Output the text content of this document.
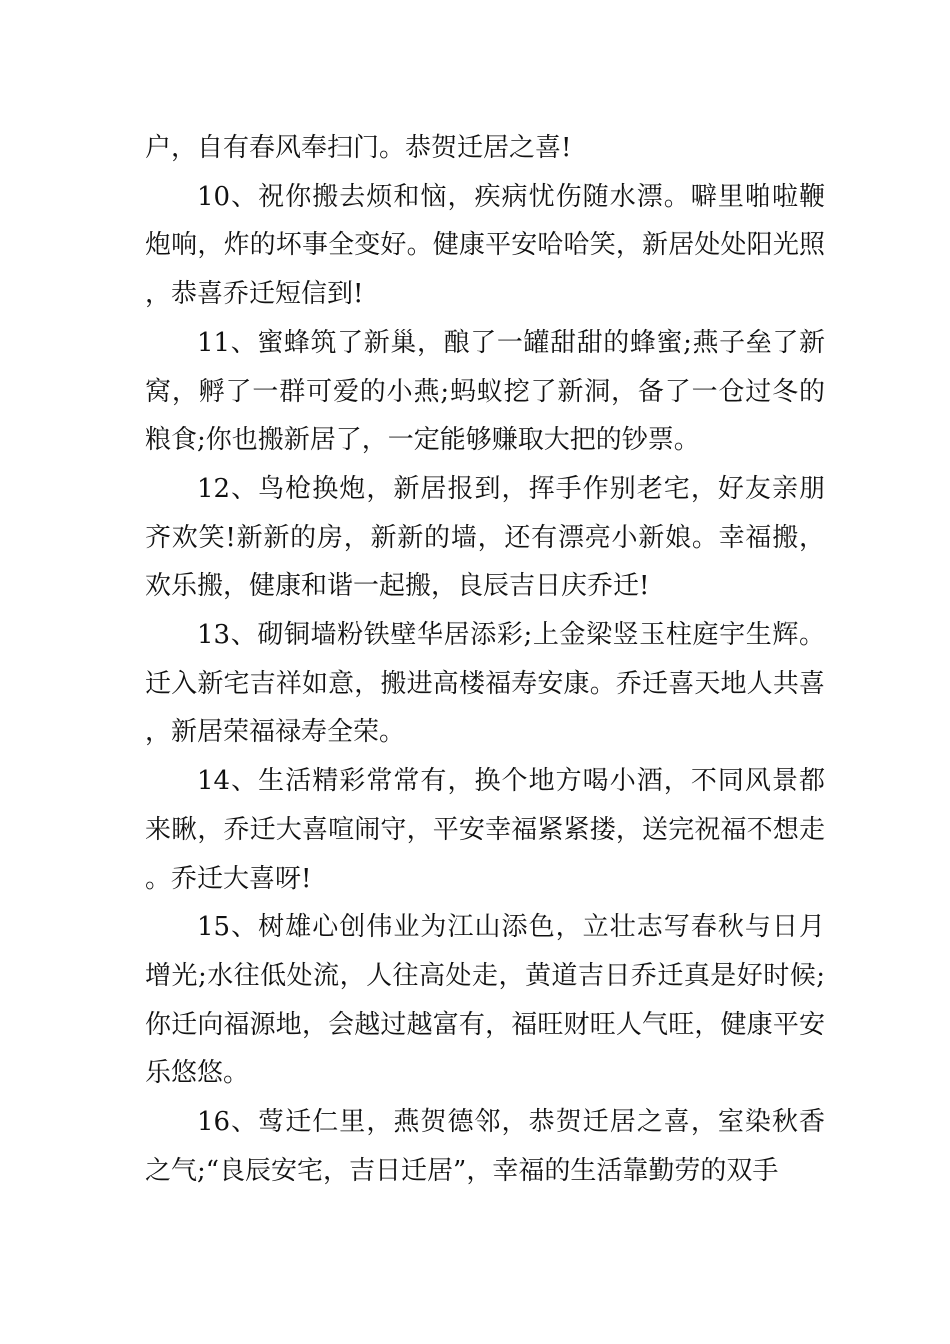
户，自有春风奉扫门。恭贺迁居之喜!

10、祝你搬去烦和恼，疾病忧伤随水漂。噼里啪啦鞭炮响，炸的坏事全变好。健康平安哈哈笑，新居处处阳光照，恭喜乔迁短信到!

11、蜜蜂筑了新巢，酿了一罐甜甜的蜂蜜;燕子垒了新窝，孵了一群可爱的小燕;蚂蚁挖了新洞，备了一仓过冬的粮食;你也搬新居了，一定能够赚取大把的钞票。

12、鸟枪换炮，新居报到，挥手作别老宅，好友亲朋齐欢笑!新新的房，新新的墙，还有漂亮小新娘。幸福搬，欢乐搬，健康和谐一起搬，良辰吉日庆乔迁!

13、砌铜墙粉铁壁华居添彩;上金梁竖玉柱庭宇生辉。迁入新宅吉祥如意，搬进高楼福寿安康。乔迁喜天地人共喜，新居荣福禄寿全荣。

14、生活精彩常常有，换个地方喝小酒，不同风景都来瞅，乔迁大喜喧闹守，平安幸福紧紧搂，送完祝福不想走。乔迁大喜呀!

15、树雄心创伟业为江山添色，立壮志写春秋与日月增光;水往低处流，人往高处走，黄道吉日乔迁真是好时候;你迁向福源地，会越过越富有，福旺财旺人气旺，健康平安乐悠悠。

16、莺迁仁里，燕贺德邻，恭贺迁居之喜，室染秋香之气;“良辰安宅，吉日迁居”，幸福的生活靠勤劳的双手
